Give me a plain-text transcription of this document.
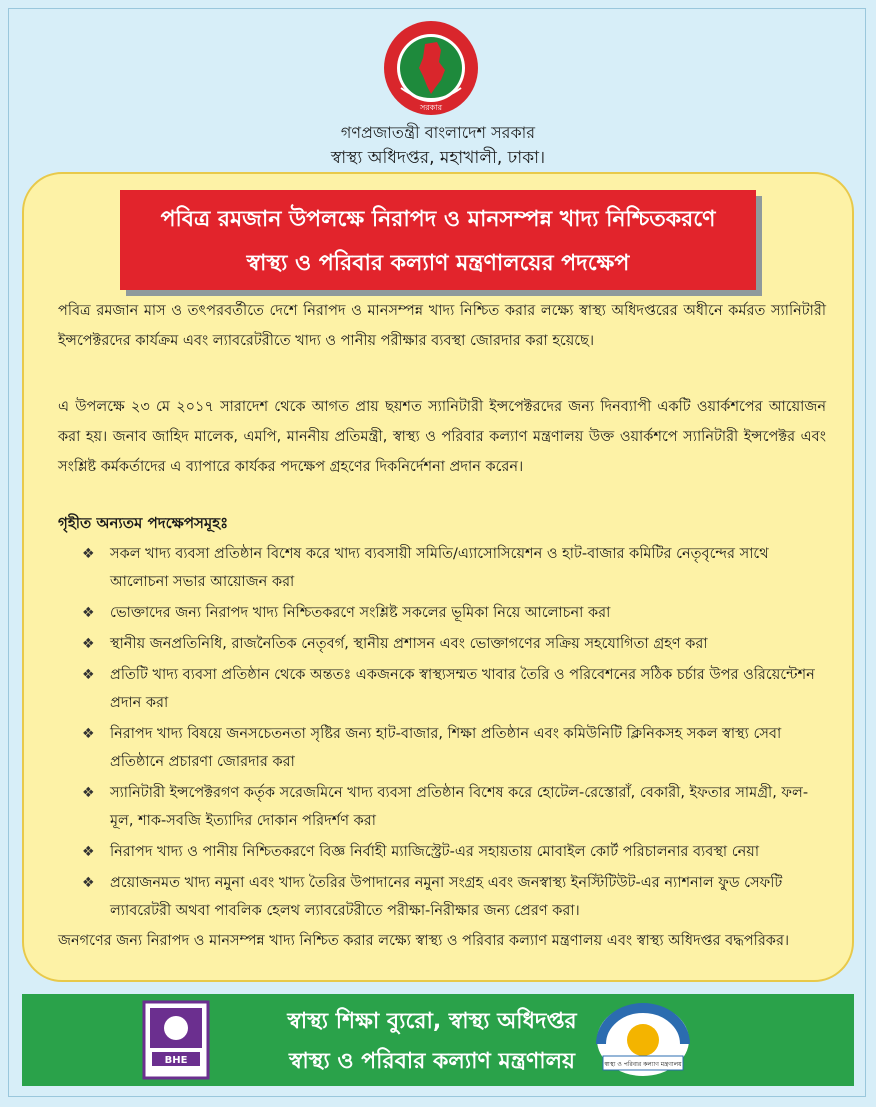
সরকার
গণপ্রজাতন্ত্রী বাংলাদেশ সরকার
স্বাস্থ্য অধিদপ্তর, মহাখালী, ঢাকা।
পবিত্র রমজান উপলক্ষে নিরাপদ ও মানসম্পন্ন খাদ্য নিশ্চিতকরণে
স্বাস্থ্য ও পরিবার কল্যাণ মন্ত্রণালয়ের পদক্ষেপ
পবিত্র রমজান মাস ও তৎপরবর্তীতে দেশে নিরাপদ ও মানসম্পন্ন খাদ্য নিশ্চিত করার লক্ষ্যে স্বাস্থ্য অধিদপ্তরের অধীনে কর্মরত স্যানিটারী ইন্সপেক্টরদের কার্যক্রম এবং ল্যাবরেটরীতে খাদ্য ও পানীয় পরীক্ষার ব্যবস্থা জোরদার করা হয়েছে।
এ উপলক্ষে ২৩ মে ২০১৭ সারাদেশ থেকে আগত প্রায় ছয়শত স্যানিটারী ইন্সপেক্টরদের জন্য দিনব্যাপী একটি ওয়ার্কশপের আয়োজন করা হয়। জনাব জাহিদ মালেক, এমপি, মাননীয় প্রতিমন্ত্রী, স্বাস্থ্য ও পরিবার কল্যাণ মন্ত্রণালয় উক্ত ওয়ার্কশপে স্যানিটারী ইন্সপেক্টর এবং সংশ্লিষ্ট কর্মকর্তাদের এ ব্যাপারে কার্যকর পদক্ষেপ গ্রহণের দিকনির্দেশনা প্রদান করেন।
গৃহীত অন্যতম পদক্ষেপসমূহঃ
❖ সকল খাদ্য ব্যবসা প্রতিষ্ঠান বিশেষ করে খাদ্য ব্যবসায়ী সমিতি/এ্যাসোসিয়েশন ও হাট-বাজার কমিটির নেতৃবৃন্দের সাথে আলোচনা সভার আয়োজন করা
❖ ভোক্তাদের জন্য নিরাপদ খাদ্য নিশ্চিতকরণে সংশ্লিষ্ট সকলের ভূমিকা নিয়ে আলোচনা করা
❖ স্থানীয় জনপ্রতিনিধি, রাজনৈতিক নেতৃবর্গ, স্থানীয় প্রশাসন এবং ভোক্তাগণের সক্রিয় সহযোগিতা গ্রহণ করা
❖ প্রতিটি খাদ্য ব্যবসা প্রতিষ্ঠান থেকে অন্ততঃ একজনকে স্বাস্থ্যসম্মত খাবার তৈরি ও পরিবেশনের সঠিক চর্চার উপর ওরিয়েন্টেশন প্রদান করা
❖ নিরাপদ খাদ্য বিষয়ে জনসচেতনতা সৃষ্টির জন্য হাট-বাজার, শিক্ষা প্রতিষ্ঠান এবং কমিউনিটি ক্লিনিকসহ সকল স্বাস্থ্য সেবা প্রতিষ্ঠানে প্রচারণা জোরদার করা
❖ স্যানিটারী ইন্সপেক্টরগণ কর্তৃক সরেজমিনে খাদ্য ব্যবসা প্রতিষ্ঠান বিশেষ করে হোটেল-রেস্তোরাঁ, বেকারী, ইফতার সামগ্রী, ফল-মূল, শাক-সবজি ইত্যাদির দোকান পরিদর্শণ করা
❖ নিরাপদ খাদ্য ও পানীয় নিশ্চিতকরণে বিজ্ঞ নির্বাহী ম্যাজিস্ট্রেট-এর সহায়তায় মোবাইল কোর্ট পরিচালনার ব্যবস্থা নেয়া
❖ প্রয়োজনমত খাদ্য নমুনা এবং খাদ্য তৈরির উপাদানের নমুনা সংগ্রহ এবং জনস্বাস্থ্য ইনস্টিটিউট-এর ন্যাশনাল ফুড সেফটি ল্যাবরেটরী অথবা পাবলিক হেলথ ল্যাবরেটরীতে পরীক্ষা-নিরীক্ষার জন্য প্রেরণ করা।
জনগণের জন্য নিরাপদ ও মানসম্পন্ন খাদ্য নিশ্চিত করার লক্ষ্যে স্বাস্থ্য ও পরিবার কল্যাণ মন্ত্রণালয় এবং স্বাস্থ্য অধিদপ্তর বদ্ধপরিকর।
BHE
স্বাস্থ্য শিক্ষা ব্যুরো, স্বাস্থ্য অধিদপ্তর
স্বাস্থ্য ও পরিবার কল্যাণ মন্ত্রণালয়	স্বাস্থ্য ও পরিবার কল্যাণ মন্ত্রণালয়
